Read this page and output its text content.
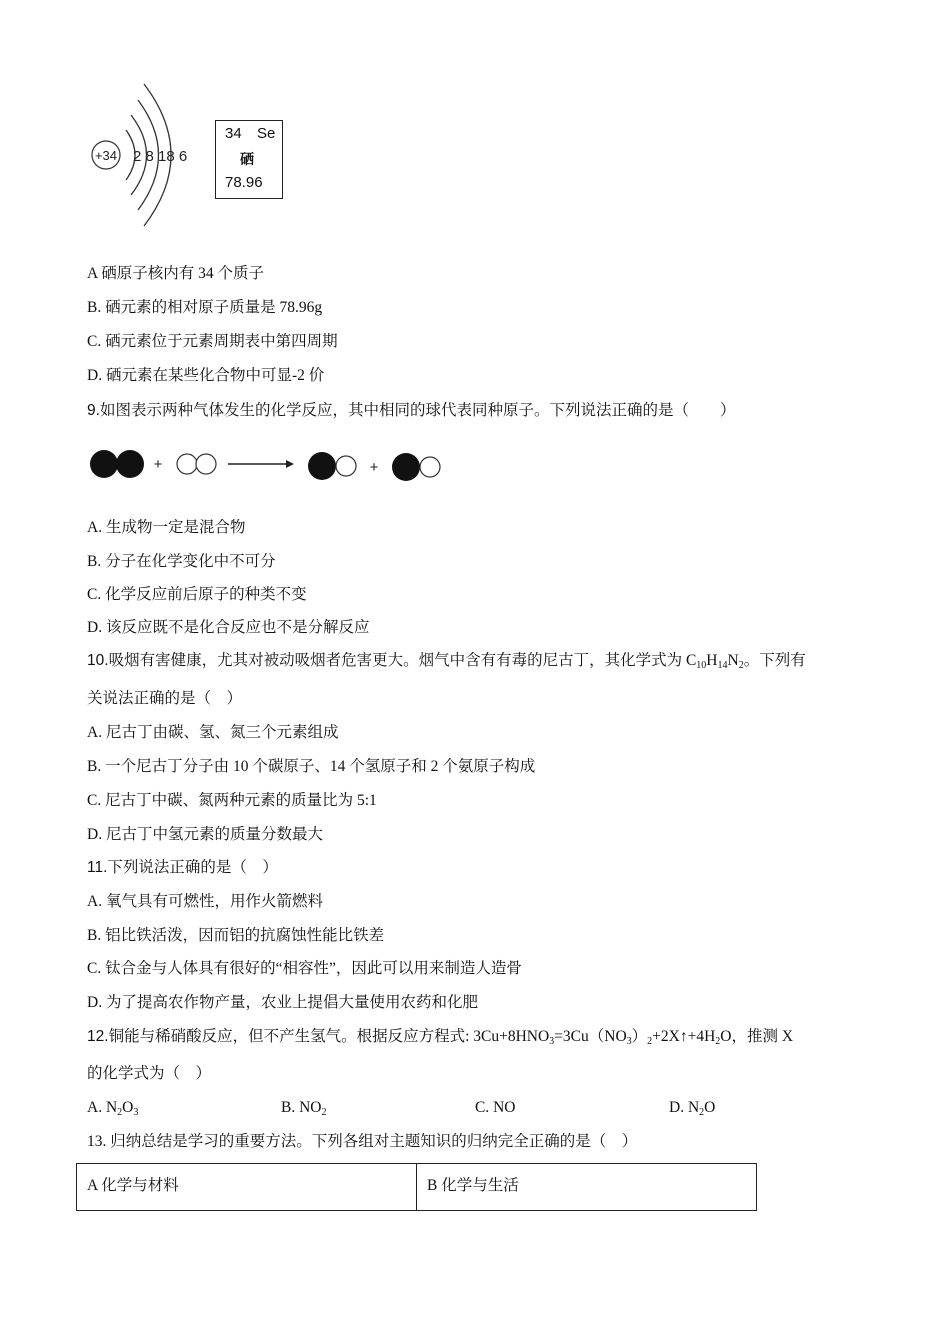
+34 2 8 18 6
34 Se
硒
78.96
A 硒原子核内有 34 个质子
B. 硒元素的相对原子质量是 78.96g
C. 硒元素位于元素周期表中第四周期
D. 硒元素在某些化合物中可显-2 价
9.如图表示两种气体发生的化学反应，其中相同的球代表同种原子。下列说法正确的是（　　）
+	+
A. 生成物一定是混合物
B. 分子在化学变化中不可分
C. 化学反应前后原子的种类不变
D. 该反应既不是化合反应也不是分解反应
10.吸烟有害健康，尤其对被动吸烟者危害更大。烟气中含有有毒的尼古丁，其化学式为 $C_{10}H_{14}N_2$。下列有
关说法正确的是（　）
A. 尼古丁由碳、氢、氮三个元素组成
B. 一个尼古丁分子由 10 个碳原子、14 个氢原子和 2 个氨原子构成
C. 尼古丁中碳、氮两种元素的质量比为 5:1
D. 尼古丁中氢元素的质量分数最大
11.下列说法正确的是（　）
A. 氧气具有可燃性，用作火箭燃料
B. 铝比铁活泼，因而铝的抗腐蚀性能比铁差
C. 钛合金与人体具有很好的“相容性”，因此可以用来制造人造骨
D. 为了提高农作物产量，农业上提倡大量使用农药和化肥
12.铜能与稀硝酸反应，但不产生氢气。根据反应方程式: $3Cu+8HNO_3=3Cu(NO_3)_2+2X↑+4H_2O$，推测 X
的化学式为（　）
A. $N_2O_3$	B. $NO_2$	C. NO	D. $N_2O$
13. 归纳总结是学习的重要方法。下列各组对主题知识的归纳完全正确的是（　）
A 化学与材料	B 化学与生活
